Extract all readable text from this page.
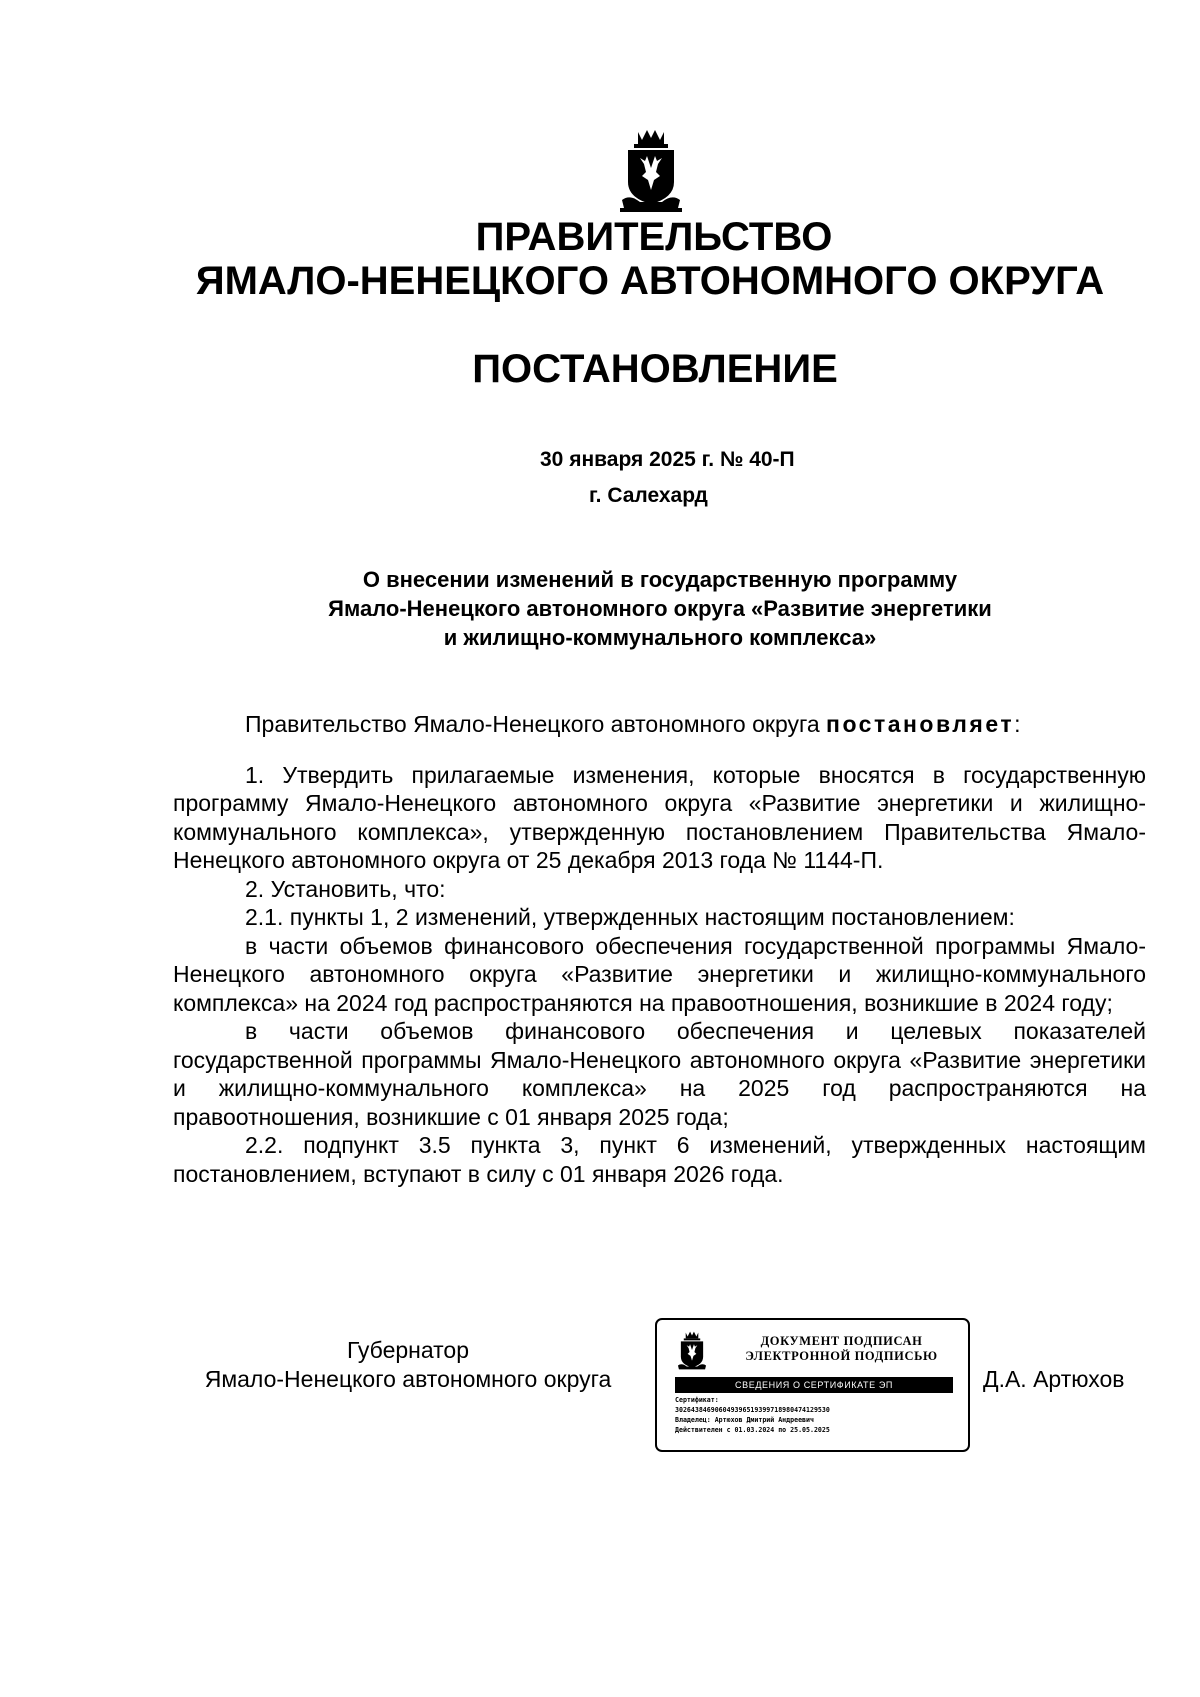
ПРАВИТЕЛЬСТВО
ЯМАЛО-НЕНЕЦКОГО АВТОНОМНОГО ОКРУГА
ПОСТАНОВЛЕНИЕ
30 января 2025 г. № 40-П
г. Салехард
О внесении изменений в государственную программу
Ямало-Ненецкого автономного округа «Развитие энергетики
и жилищно-коммунального комплекса»

Правительство Ямало-Ненецкого автономного округа постановляет:

1. Утвердить прилагаемые изменения, которые вносятся в государственную программу Ямало-Ненецкого автономного округа «Развитие энергетики и жилищно-коммунального комплекса», утвержденную постановлением Правительства Ямало-Ненецкого автономного округа от 25 декабря 2013 года № 1144-П.

2. Установить, что:

2.1. пункты 1, 2 изменений, утвержденных настоящим постановлением:

в части объемов финансового обеспечения государственной программы Ямало-Ненецкого автономного округа «Развитие энергетики и жилищно-коммунального комплекса» на 2024 год распространяются на правоотношения, возникшие в 2024 году;

в части объемов финансового обеспечения и целевых показателей государственной программы Ямало-Ненецкого автономного округа «Развитие энергетики и жилищно-коммунального комплекса» на 2025 год распространяются на правоотношения, возникшие с 01 января 2025 года;

2.2. подпункт 3.5 пункта 3, пункт 6 изменений, утвержденных настоящим постановлением, вступают в силу с 01 января 2026 года.

Губернатор
Ямало-Ненецкого автономного округа
ДОКУМЕНТ ПОДПИСАН
ЭЛЕКТРОННОЙ ПОДПИСЬЮ
СВЕДЕНИЯ О СЕРТИФИКАТЕ ЭП
Сертификат:
302643846906049396519399718980474129530
Владелец: Артюхов Дмитрий Андреевич
Действителен с 01.03.2024 по 25.05.2025
Д.А. Артюхов
